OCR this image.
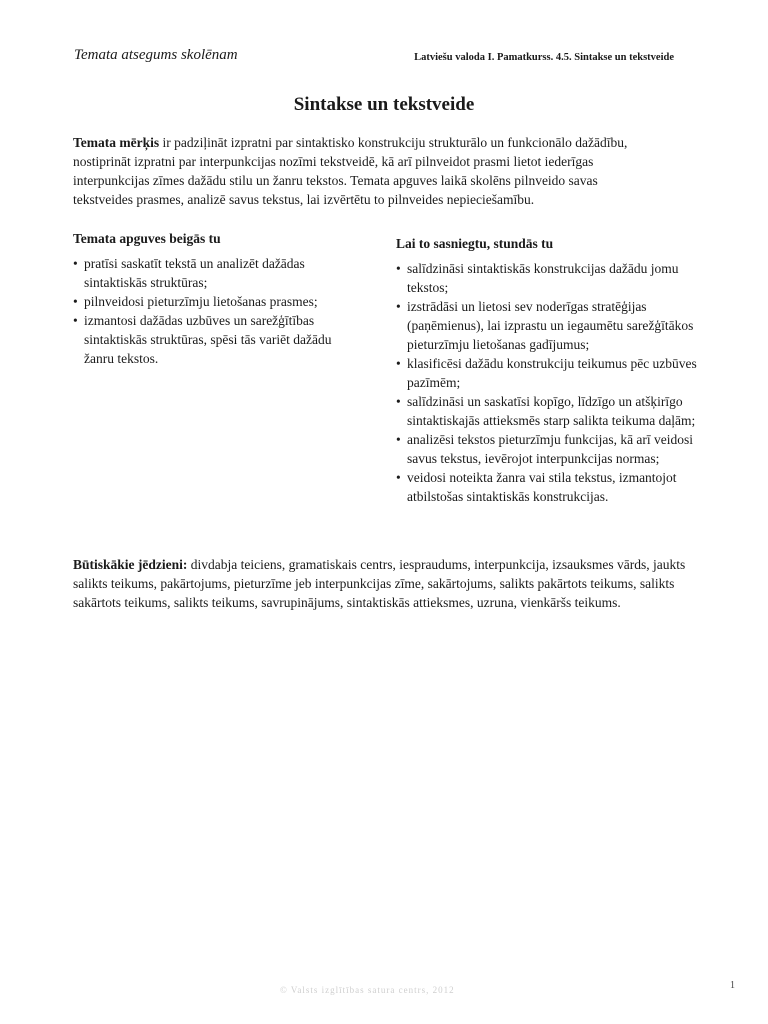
Temata atsegums skolēnam	Latviešu valoda I. Pamatkurss. 4.5. Sintakse un tekstveide
Sintakse un tekstveide
Temata mērķis ir padziļināt izpratni par sintaktisko konstrukciju strukturālo un funkcionālo dažādību, nostiprināt izpratni par interpunkcijas nozīmi tekstveidē, kā arī pilnveidot prasmi lietot iederīgas interpunkcijas zīmes dažādu stilu un žanru tekstos. Temata apguves laikā skolēns pilnveido savas tekstveides prasmes, analizē savus tekstus, lai izvērtētu to pilnveides nepieciešamību.
Temata apguves beigās tu
• pratīsi saskatīt tekstā un analizēt dažādas sintaktiskās struktūras;
• pilnveidosi pieturzīmju lietošanas prasmes;
• izmantosi dažādas uzbūves un sarežģītības sintaktiskās struktūras, spēsi tās variēt dažādu žanru tekstos.
Lai to sasniegtu, stundās tu
• salīdzināsi sintaktiskās konstrukcijas dažādu jomu tekstos;
• izstrādāsi un lietosi sev noderīgas stratēģijas (paņēmienus), lai izprastu un iegaumētu sarežģītākos pieturzīmju lietošanas gadījumus;
• klasificēsi dažādu konstrukciju teikumus pēc uzbūves pazīmēm;
• salīdzināsi un saskatīsi kopīgo, līdzīgo un atšķirīgo sintaktiskajās attieksmēs starp salikta teikuma daļām;
• analizēsi tekstos pieturzīmju funkcijas, kā arī veidosi savus tekstus, ievērojot interpunkcijas normas;
• veidosi noteikta žanra vai stila tekstus, izmantojot atbilstošas sintaktiskās konstrukcijas.
Būtiskākie jēdzieni: divdabja teiciens, gramatiskais centrs, iespraudums, interpunkcija, izsauksmes vārds, jaukts salikts teikums, pakārtojums, pieturzīme jeb interpunkcijas zīme, sakārtojums, salikts pakārtots teikums, salikts sakārtots teikums, salikts teikums, savrupinājums, sintaktiskās attieksmes, uzruna, vienkāršs teikums.
© Valsts izglītības satura centrs, 2012	1
